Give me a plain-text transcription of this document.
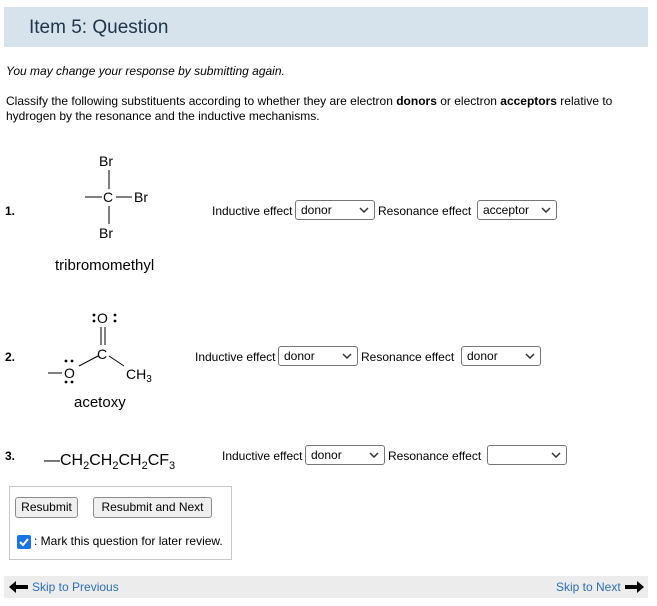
Item 5: Question
You may change your response by submitting again.
Classify the following substituents according to whether they are electron donors or electron acceptors relative to hydrogen by the resonance and the inductive mechanisms.
1.
Br
C Br
Br
tribromomethyl
Inductive effect donor	Resonance effect acceptor
2.
O
C
$CH_3$
O
acetoxy
Inductive effect donor	Resonance effect	donor
3. $—CH_2CH_2CH_2CF_3$
Inductive effect donor	Resonance effect
Resubmit	Resubmit and Next
: Mark this question for later review.
Skip to Previous	Skip to Next
